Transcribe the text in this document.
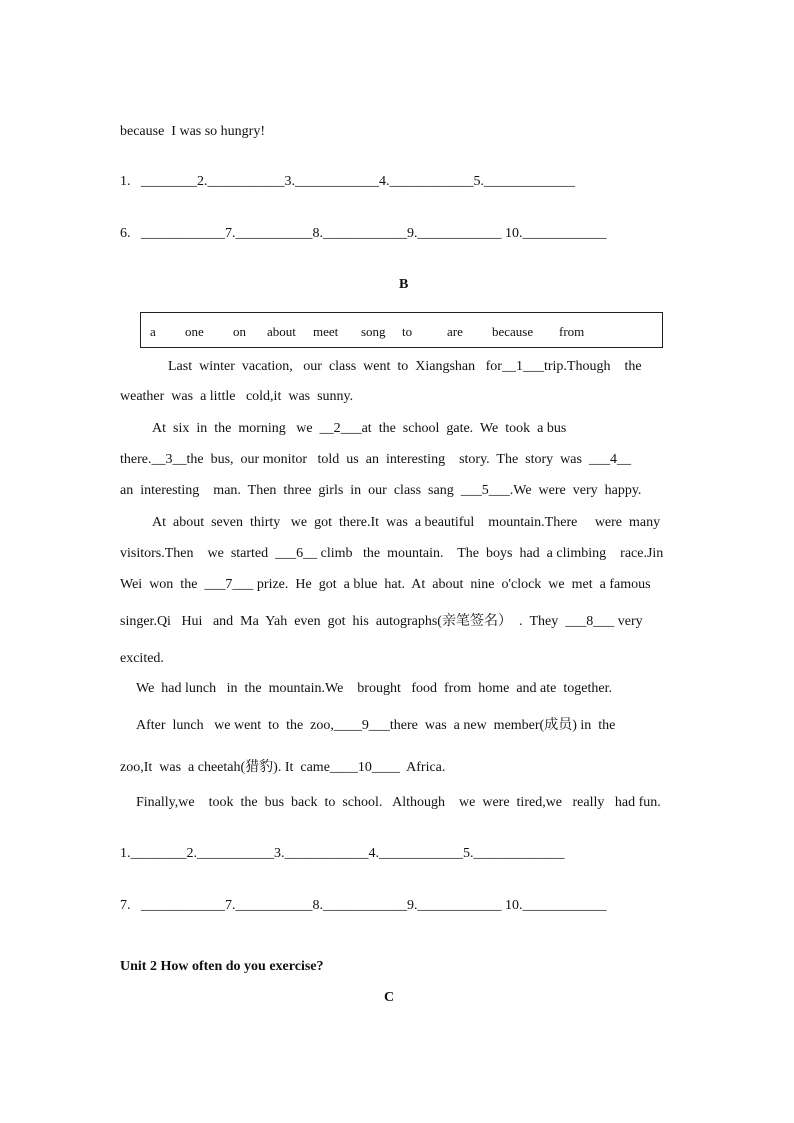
because  I was so hungry!
1.   ________2.___________3.____________4.____________5._____________
6.   ____________7.___________8.____________9.____________ 10.____________
B
a one on about meet song to	are because from
Last  winter  vacation,   our  class  went  to  Xiangshan   for__1___trip.Though    the
weather  was  a little   cold,it  was  sunny.
At  six  in  the  morning   we  __2___at  the  school  gate.  We  took  a bus
there.__3__the  bus,  our monitor   told  us  an  interesting    story.  The  story  was  ___4__
an  interesting    man.  Then  three  girls  in  our  class  sang  ___5___.We  were  very  happy.
At  about  seven  thirty   we  got  there.It  was  a beautiful    mountain.There     were  many
visitors.Then    we  started  ___6__ climb   the  mountain.    The  boys  had  a climbing    race.Jin
Wei  won  the  ___7___ prize.  He  got  a blue  hat.  At  about  nine  o'clock  we  met  a famous
singer.Qi   Hui   and  Ma  Yah  even  got  his  autographs(亲笔签名）  .  They  ___8___ very
excited.
We  had lunch   in  the  mountain.We    brought   food  from  home  and ate  together.
After  lunch   we went  to  the  zoo,____9___there  was  a new  member(成员) in  the
zoo,It  was  a cheetah(猎豹). It  came____10____  Africa.
Finally,we    took  the  bus  back  to  school.   Although    we  were  tired,we   really   had fun.
1.________2.___________3.____________4.____________5._____________
7.   ____________7.___________8.____________9.____________ 10.____________
Unit 2 How often do you exercise?
C
